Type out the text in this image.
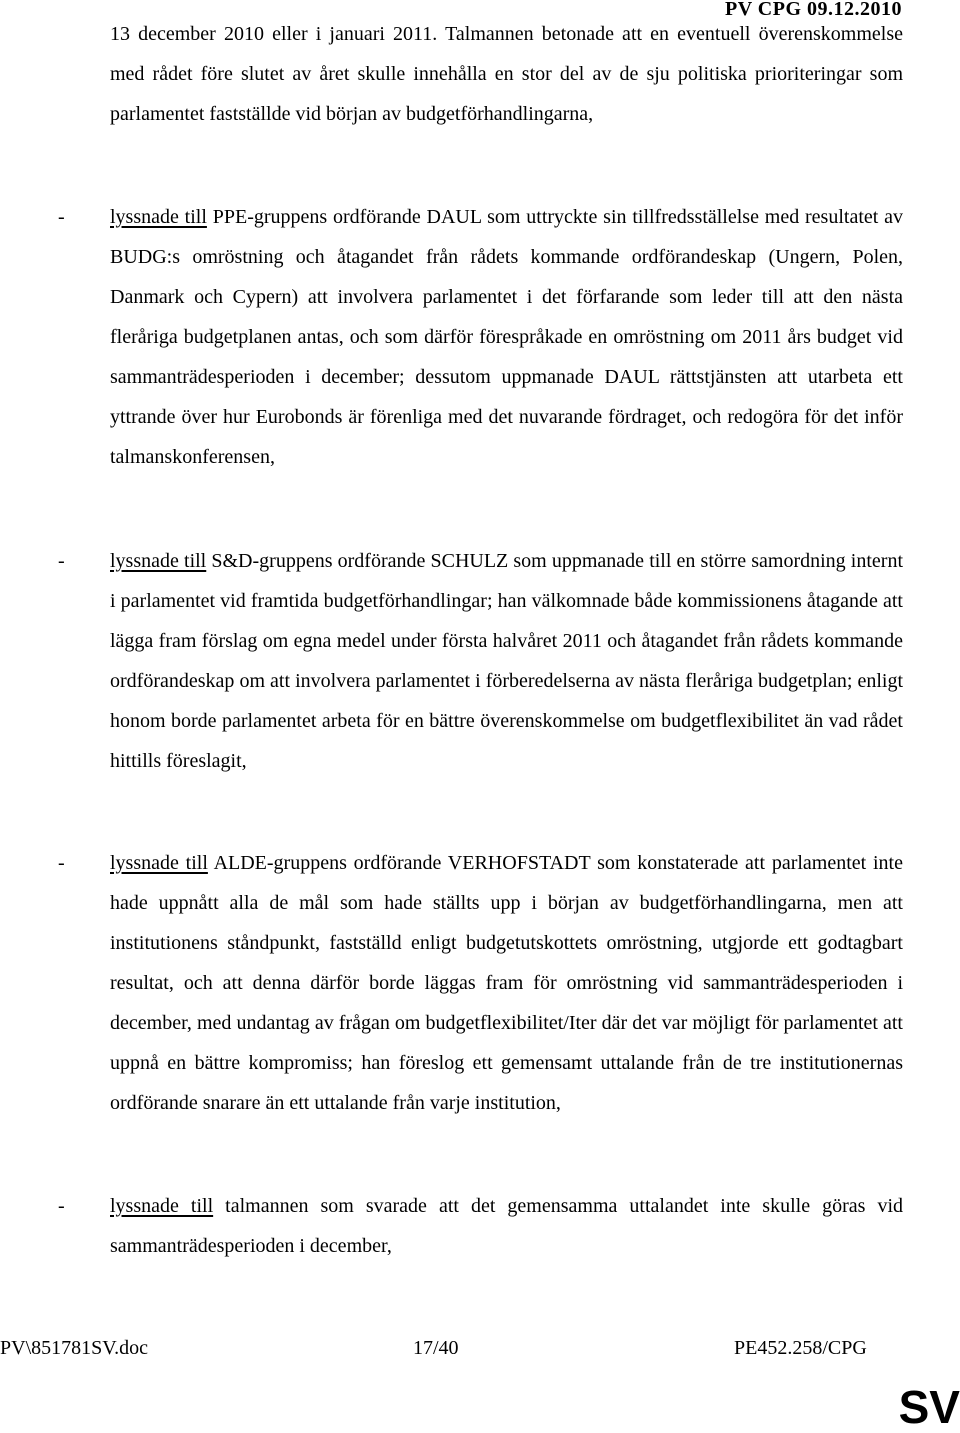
PV CPG 09.12.2010
13 december 2010 eller i januari 2011. Talmannen betonade att en eventuell överenskommelse med rådet före slutet av året skulle innehålla en stor del av de sju politiska prioriteringar som parlamentet fastställde vid början av budgetförhandlingarna,
- lyssnade till PPE-gruppens ordförande DAUL som uttryckte sin tillfredsställelse med resultatet av BUDG:s omröstning och åtagandet från rådets kommande ordförandeskap (Ungern, Polen, Danmark och Cypern) att involvera parlamentet i det förfarande som leder till att den nästa fleråriga budgetplanen antas, och som därför förespråkade en omröstning om 2011 års budget vid sammanträdesperioden i december; dessutom uppmanade DAUL rättstjänsten att utarbeta ett yttrande över hur Eurobonds är förenliga med det nuvarande fördraget, och redogöra för det inför talmanskonferensen,
- lyssnade till S&D-gruppens ordförande SCHULZ som uppmanade till en större samordning internt i parlamentet vid framtida budgetförhandlingar; han välkomnade både kommissionens åtagande att lägga fram förslag om egna medel under första halvåret 2011 och åtagandet från rådets kommande ordförandeskap om att involvera parlamentet i förberedelserna av nästa fleråriga budgetplan; enligt honom borde parlamentet arbeta för en bättre överenskommelse om budgetflexibilitet än vad rådet hittills föreslagit,
- lyssnade till ALDE-gruppens ordförande VERHOFSTADT som konstaterade att parlamentet inte hade uppnått alla de mål som hade ställts upp i början av budgetförhandlingarna, men att institutionens ståndpunkt, fastställd enligt budgetutskottets omröstning, utgjorde ett godtagbart resultat, och att denna därför borde läggas fram för omröstning vid sammanträdesperioden i december, med undantag av frågan om budgetflexibilitet/Iter där det var möjligt för parlamentet att uppnå en bättre kompromiss; han föreslog ett gemensamt uttalande från de tre institutionernas ordförande snarare än ett uttalande från varje institution,
- lyssnade till talmannen som svarade att det gemensamma uttalandet inte skulle göras vid sammanträdesperioden i december,
PV\851781SV.doc	17/40	PE452.258/CPG
SV
